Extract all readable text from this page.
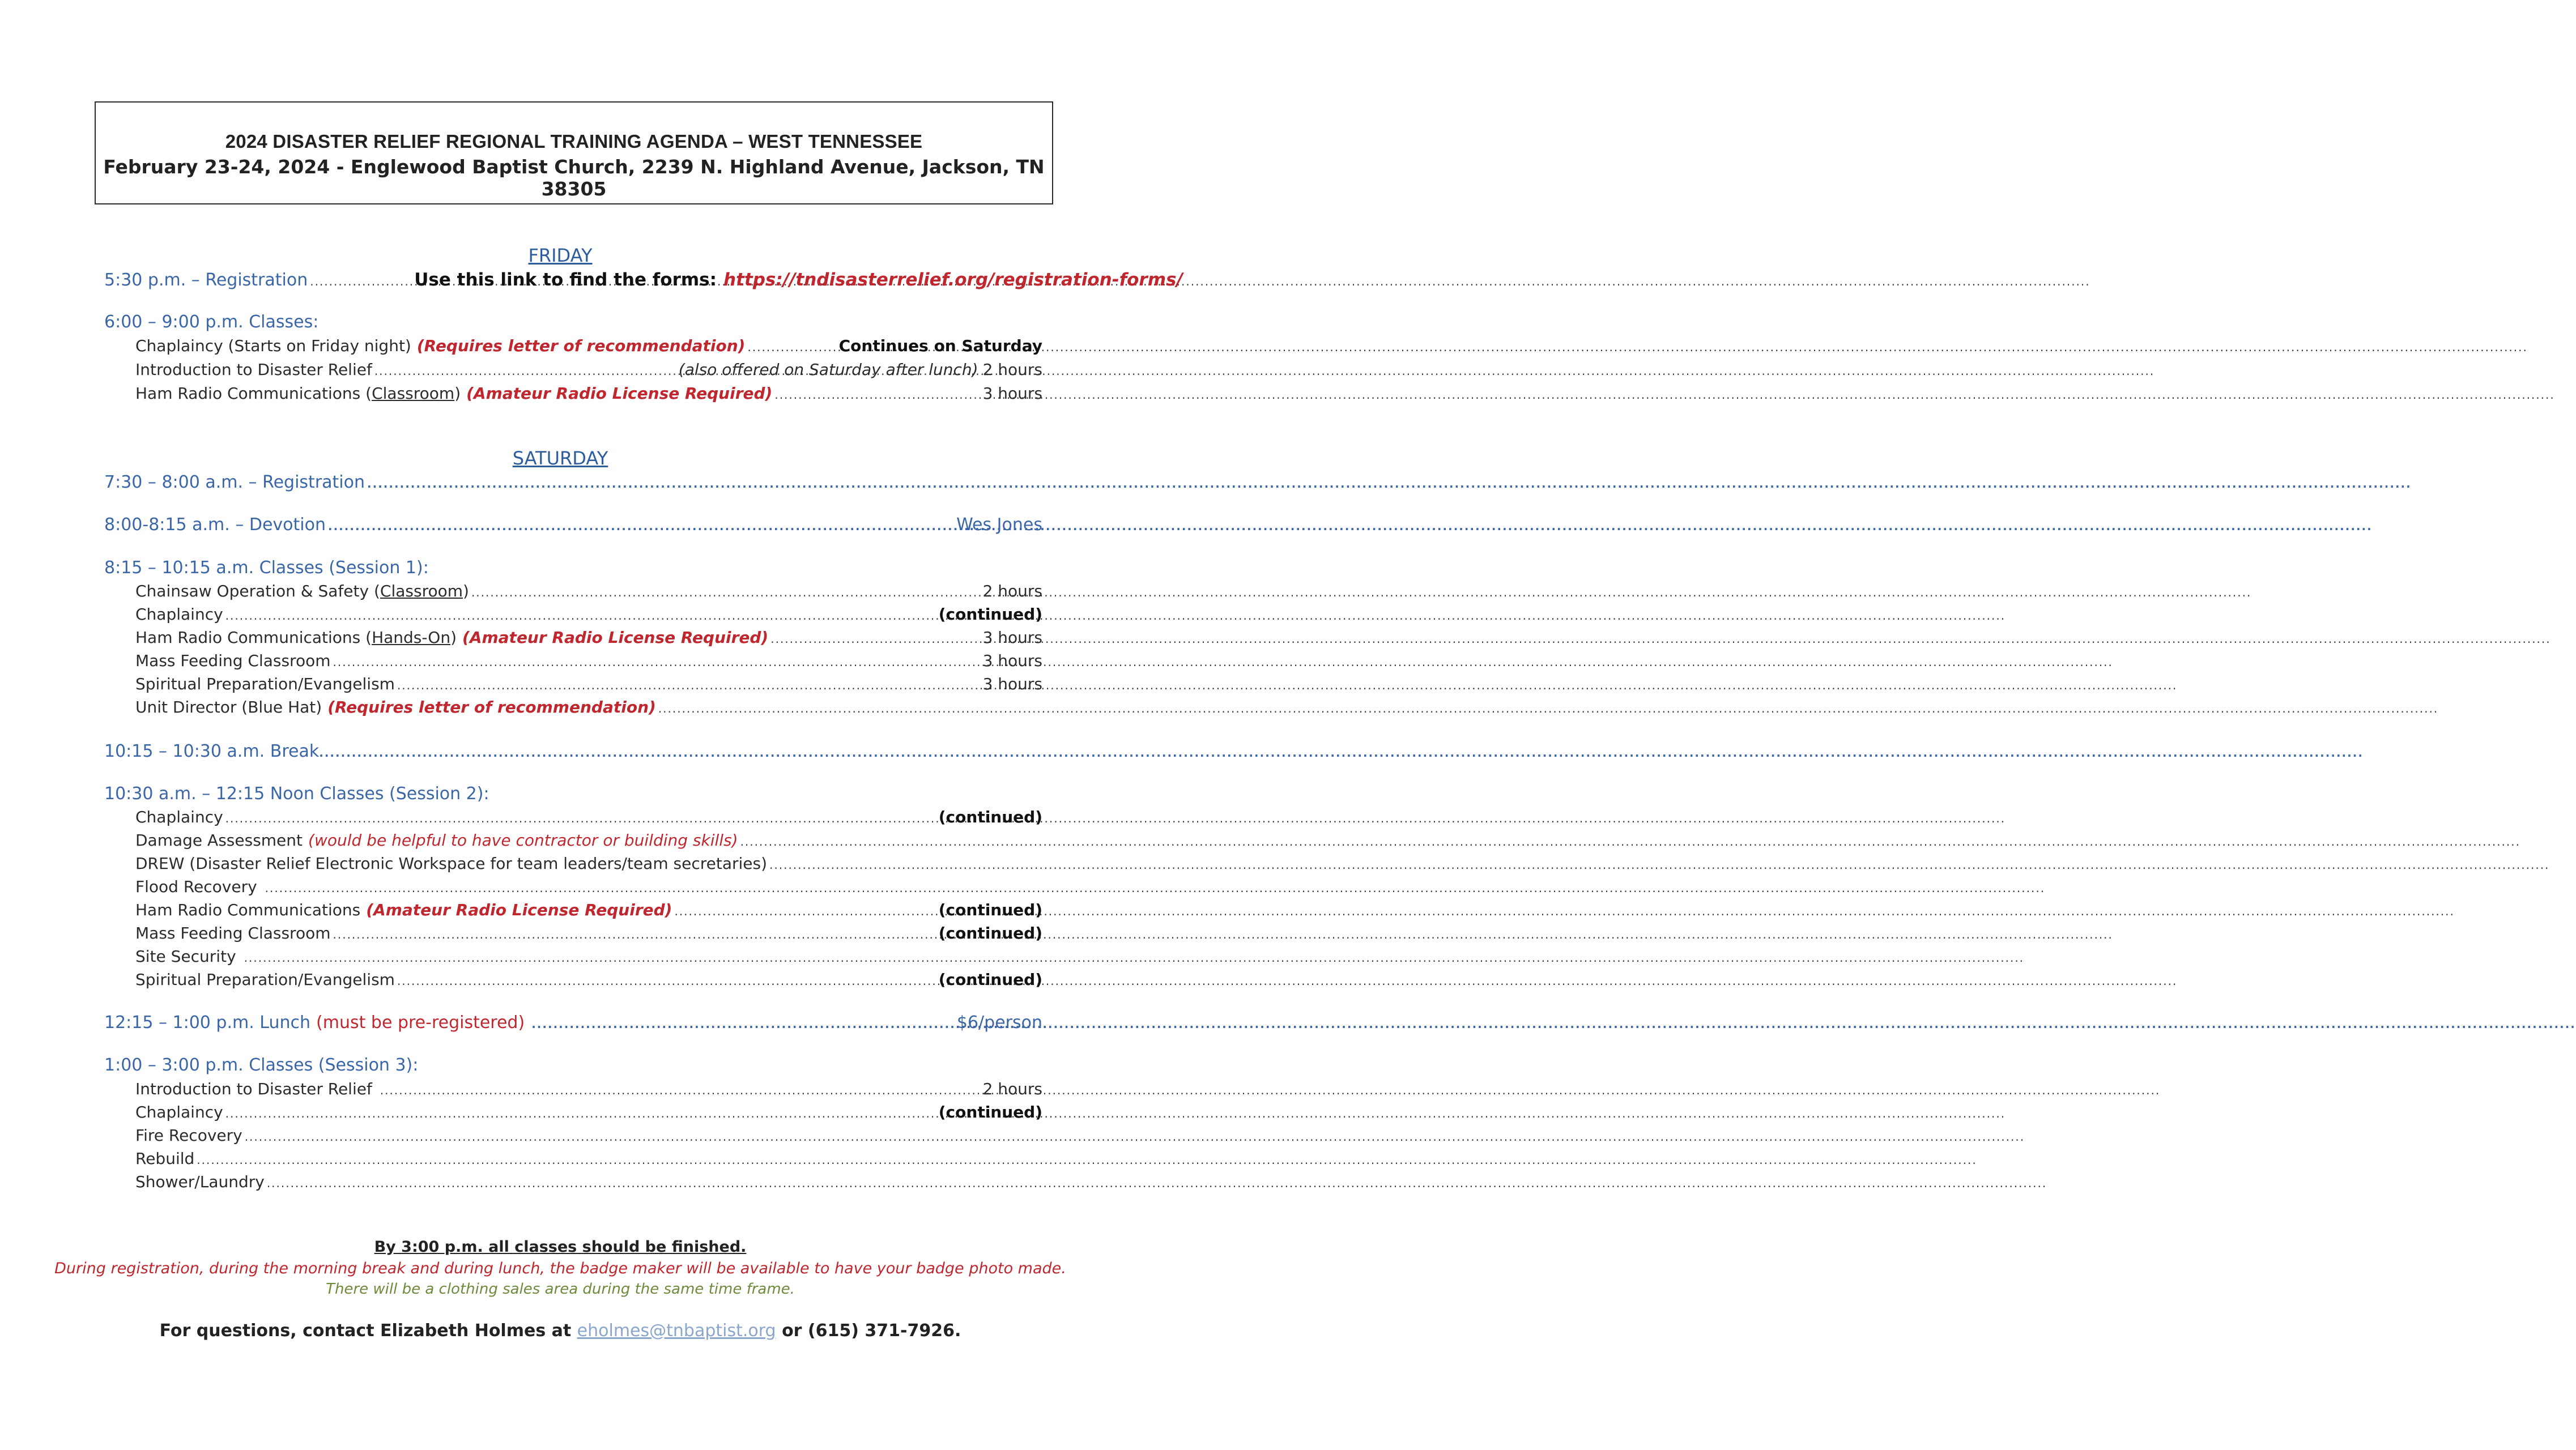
2024 DISASTER RELIEF REGIONAL TRAINING AGENDA – WEST TENNESSEE
February 23-24, 2024 - Englewood Baptist Church, 2239 N. Highland Avenue, Jackson, TN 38305
FRIDAY
5:30 p.m. – Registration .....	Use this link to find the forms: https://tndisasterrelief.org/registration-forms/
6:00 – 9:00 p.m. Classes:
Chaplaincy (Starts on Friday night) (Requires letter of recommendation) .....	Continues on Saturday
Introduction to Disaster Relief .....	(also offered on Saturday after lunch) 2 hours
Ham Radio Communications (Classroom) (Amateur Radio License Required) .....	3 hours
SATURDAY
7:30 – 8:00 a.m. – Registration
.....
8:00-8:15 a.m. – Devotion .....	Wes Jones
8:15 – 10:15 a.m. Classes (Session 1):
Chainsaw Operation & Safety (Classroom) .....	2 hours
Chaplaincy .....	(continued)
Ham Radio Communications (Hands-On) (Amateur Radio License Required) .....	3 hours
Mass Feeding Classroom .....	3 hours
Spiritual Preparation/Evangelism .....	3 hours
Unit Director (Blue Hat) (Requires letter of recommendation)
.....
10:15 – 10:30 a.m. Break
.....
10:30 a.m. – 12:15 Noon Classes (Session 2):
Chaplaincy .....	(continued)
Damage Assessment (would be helpful to have contractor or building skills)
.....
DREW (Disaster Relief Electronic Workspace for team leaders/team secretaries)
.....
Flood Recovery
.....
Ham Radio Communications (Amateur Radio License Required) .....	(continued)
Mass Feeding Classroom .....	(continued)
Site Security
.....
Spiritual Preparation/Evangelism .....	(continued)
12:15 – 1:00 p.m. Lunch (must be pre-registered) .....	$6/person
1:00 – 3:00 p.m. Classes (Session 3):
Introduction to Disaster Relief .....	2 hours
Chaplaincy .....	(continued)
Fire Recovery
.....
Rebuild
.....
Shower/Laundry
.....
By 3:00 p.m. all classes should be finished.
During registration, during the morning break and during lunch, the badge maker will be available to have your badge photo made.
There will be a clothing sales area during the same time frame.
For questions, contact Elizabeth Holmes at eholmes@tnbaptist.org or (615) 371-7926.
